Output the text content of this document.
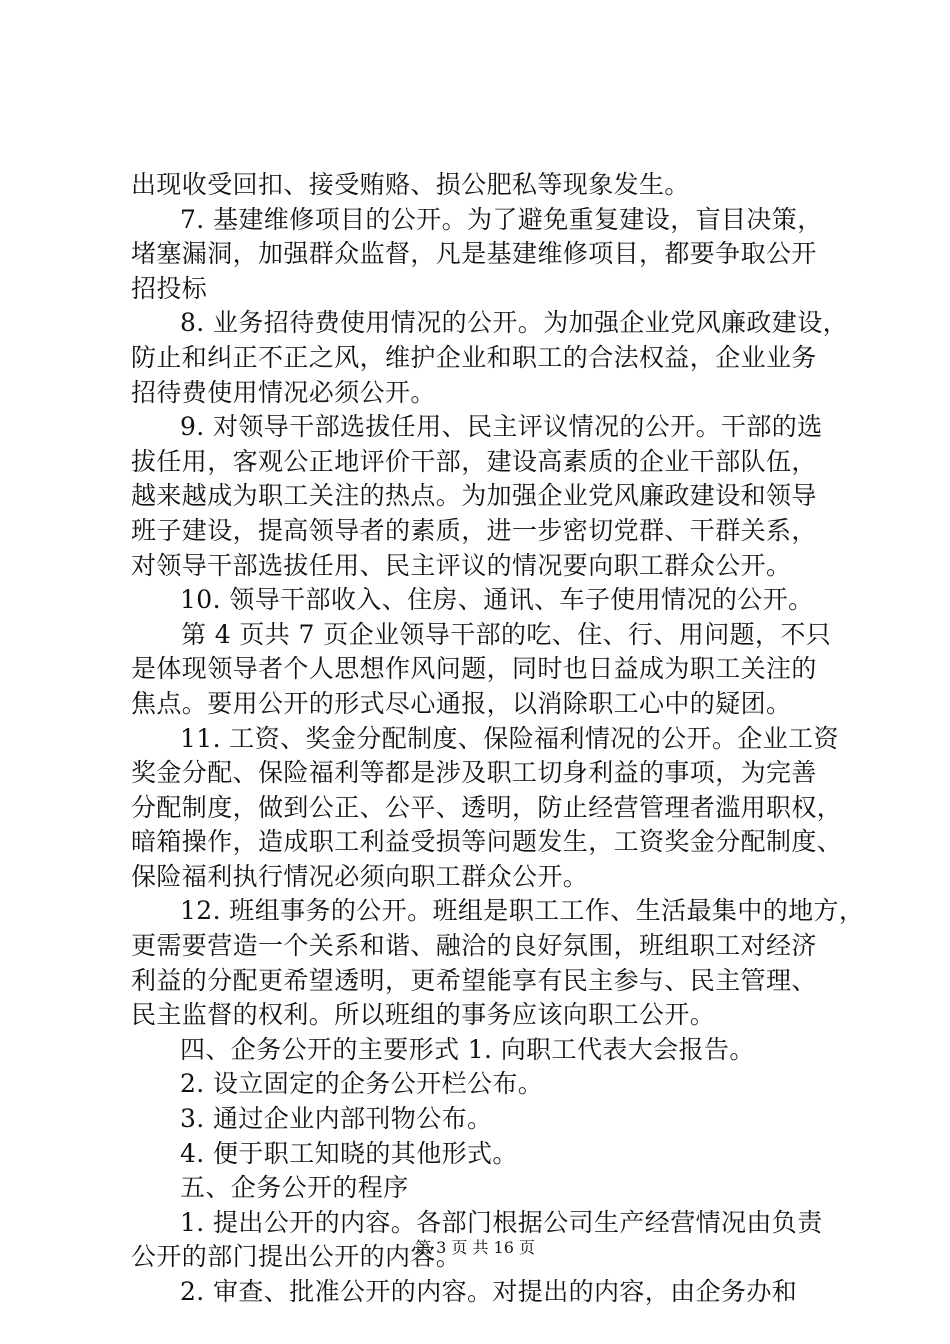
出现收受回扣、接受贿赂、损公肥私等现象发生。
7. 基建维修项目的公开。为了避免重复建设，盲目决策，
堵塞漏洞，加强群众监督，凡是基建维修项目，都要争取公开
招投标
8. 业务招待费使用情况的公开。为加强企业党风廉政建设，
防止和纠正不正之风，维护企业和职工的合法权益，企业业务
招待费使用情况必须公开。
9. 对领导干部选拔任用、民主评议情况的公开。干部的选
拔任用，客观公正地评价干部，建设高素质的企业干部队伍，
越来越成为职工关注的热点。为加强企业党风廉政建设和领导
班子建设，提高领导者的素质，进一步密切党群、干群关系，
对领导干部选拔任用、民主评议的情况要向职工群众公开。
10. 领导干部收入、住房、通讯、车子使用情况的公开。
第 4 页共 7 页企业领导干部的吃、住、行、用问题，不只
是体现领导者个人思想作风问题，同时也日益成为职工关注的
焦点。要用公开的形式尽心通报，以消除职工心中的疑团。
11. 工资、奖金分配制度、保险福利情况的公开。企业工资
奖金分配、保险福利等都是涉及职工切身利益的事项，为完善
分配制度，做到公正、公平、透明，防止经营管理者滥用职权，
暗箱操作，造成职工利益受损等问题发生，工资奖金分配制度、
保险福利执行情况必须向职工群众公开。
12. 班组事务的公开。班组是职工工作、生活最集中的地方，
更需要营造一个关系和谐、融洽的良好氛围，班组职工对经济
利益的分配更希望透明，更希望能享有民主参与、民主管理、
民主监督的权利。所以班组的事务应该向职工公开。
四、企务公开的主要形式 1. 向职工代表大会报告。
2. 设立固定的企务公开栏公布。
3. 通过企业内部刊物公布。
4. 便于职工知晓的其他形式。
五、企务公开的程序
1. 提出公开的内容。各部门根据公司生产经营情况由负责
公开的部门提出公开的内容。
2. 审查、批准公开的内容。对提出的内容，由企务办和
第 3 页 共 16 页
